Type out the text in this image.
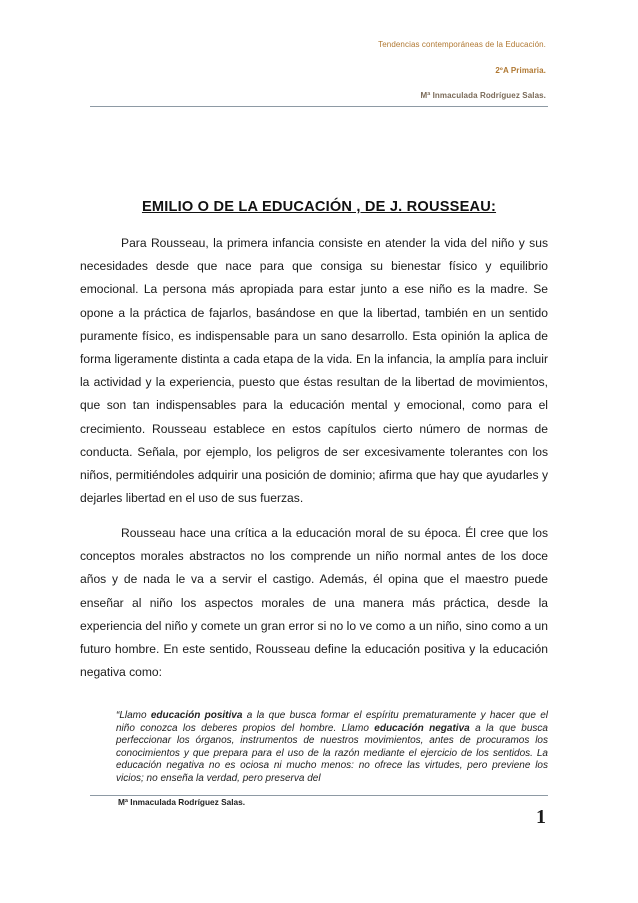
Tendencias contemporáneas de la Educación.
2ºA Primaria.
Mª Inmaculada Rodríguez Salas.
EMILIO O DE LA EDUCACIÓN , DE J. ROUSSEAU:

Para Rousseau, la primera infancia consiste en atender la vida del niño y sus necesidades desde que nace para que consiga su bienestar físico y equilibrio emocional. La persona más apropiada para estar junto a ese niño es la madre. Se opone a la práctica de fajarlos, basándose en que la libertad, también en un sentido puramente físico, es indispensable para un sano desarrollo. Esta opinión la aplica de forma ligeramente distinta a cada etapa de la vida. En la infancia, la amplía para incluir la actividad y la experiencia, puesto que éstas resultan de la libertad de movimientos, que son tan indispensables para la educación mental y emocional, como para el crecimiento. Rousseau establece en estos capítulos cierto número de normas de conducta. Señala, por ejemplo, los peligros de ser excesivamente tolerantes con los niños, permitiéndoles adquirir una posición de dominio; afirma que hay que ayudarles y dejarles libertad en el uso de sus fuerzas.

Rousseau hace una crítica a la educación moral de su época. Él cree que los conceptos morales abstractos no los comprende un niño normal antes de los doce años y de nada le va a servir el castigo. Además, él opina que el maestro puede enseñar al niño los aspectos morales de una manera más práctica, desde la experiencia del niño y comete un gran error si no lo ve como a un niño, sino como a un futuro hombre. En este sentido, Rousseau define la educación positiva y la educación negativa como:

“Llamo educación positiva a la que busca formar el espíritu prematuramente y hacer que el niño conozca los deberes propios del hombre. Llamo educación negativa a la que busca perfeccionar los órganos, instrumentos de nuestros movimientos, antes de procuramos los conocimientos y que prepara para el uso de la razón mediante el ejercicio de los sentidos. La educación negativa no es ociosa ni mucho menos: no ofrece las virtudes, pero previene los vicios; no enseña la verdad, pero preserva del

Mª Inmaculada Rodríguez Salas.
1
